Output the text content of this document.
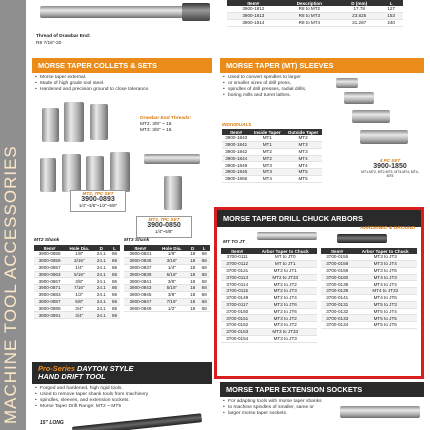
MACHINE TOOL ACCESSORIES
Thread of Drawbar End:
R8 7/16"-20
Item#	Description	D (mm)	L
3900-1812	R8 to MT2	17.78	127
3900-1813	R8 to MT3	23.825	153
3900-1814	R8 to MT4	31.267	240
MORSE TAPER COLLETS & SETS
• Morse taper external.
• Made of high grade tool steel.
• Hardened and precision ground to close tolerance.
Drawbar End Threads:
MT2: 3/8" ~ 16
MT3: 3/8" ~ 16
MT2, 7PC SET
3900-0893
1/4"~3/8"~1/2"~5/8"
MT3, 7PC SET
3900-0850
1/4"~5/8"
MT2 Shank	MT3 Shank
Item#	Hole Dia.	D	L
3900-0855	1/8"	24.1	86
3900-0859	3/16"	24.1	86
3900-0857	1/4"	24.1	86
3900-0863	5/16"	24.1	86
3900-0867	3/8"	24.1	86
3900-0871	7/16"	24.1	86
3900-0883	1/2"	24.1	86
3900-0887	5/8"	24.1	86
3900-0889	3/4"	24.1	86
3900-0891	3/4"	24.1	86
Item#	Hole Dia.	D	L
3900-0831	1/8"	18	68
3900-0835	3/16"	18	68
3900-0837	1/4"	18	68
3900-0839	5/16"	18	68
3900-0841	3/8"	18	68
3900-0843	5/16"	18	68
3900-0845	3/8"	18	68
3900-0847	7/16"	18	68
3900-0849	1/2"	18	68
MORSE TAPER (MT) SLEEVES
• Used to convert spindles to larger
• or smaller sizes of drill press,
• spindles of drill presses, radial drills,
• boring mills and turret lathes.
INDIVIDUALS
Item#	Inside Taper	Outside Taper
3900-1843	MT1	MT2
3900-1841	MT1	MT3
3900-1842	MT2	MT3
3900-1844	MT2	MT4
3900-1849	MT3	MT4
3900-1845	MT3	MT5
3900-1856	MT4	MT5
4 PC SET
3900-1850
MT1-MT2, MT2-MT3, MT3-MT4, MT4-MT5
MORSE TAPER DRILL CHUCK ARBORS
HARDENED & GROUND
MT TO JT
Item#	Arbor Taper to Chuck
3700-0111	MT to JT0
3700-0112	MT to JT1
3700-0121	MT2 to JT1
3700-0113	MT2 to JT33
3700-0114	MT2 to JT2
3700-0115	MT2 to JT3
3700-0149	MT2 to JT4
3700-0117	MT2 to JT6
3700-0150	MT2 to JT6
3700-0151	MT3 to JT2
3700-0152	MT3 to JT2
3700-0153	MT3 to JT33
3700-0154	MT3 to JT3
Item#	Arbor Taper to Chuck
3700-0155	MT3 to JT3
3700-0158	MT3 to JT4
3700-0159	MT3 to JT6
3700-0160	MT4 to JT3
3700-0138	MT4 to JT4
3700-0139	MT4 to JT33
3700-0141	MT4 to JT6
3700-0131	MT5 to JT3
3700-0132	MT5 to JT4
3700-0133	MT5 to JT5
3700-0134	MT5 to JT6
Pro-Series DAYTON STYLE
HAND DRIFT TOOL
• Forged and hardened, high rigid tools.
• Used to remove taper shank tools from machinery
• spindles, sleeves, and extension sockets.
• Morse Taper Drift Range: MT2 ~ MT5
15" LONG
MORSE TAPER EXTENSION SOCKETS
• For adapting tools with morse taper shanks
• to machine spindles of smaller, same or
• larger morse taper sockets.
